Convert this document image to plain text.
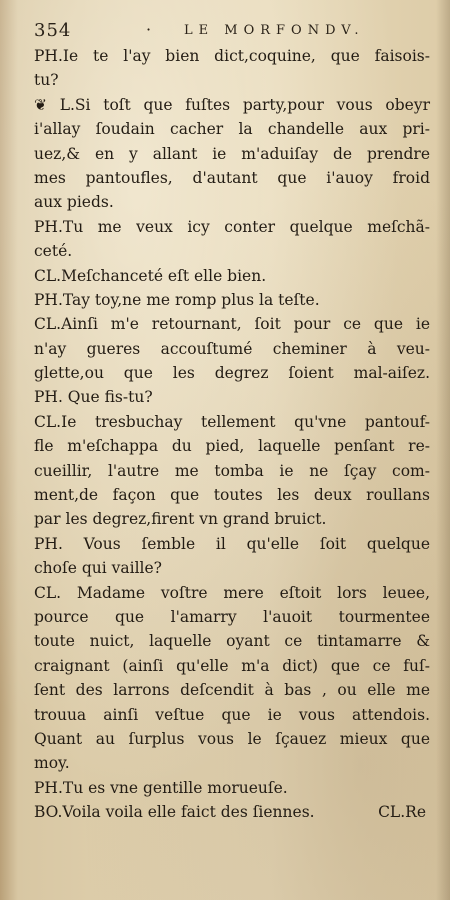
354	·	LE MORFONDV.
PH.Ie te l'ay bien dict,coquine, que faisois-
tu?
❦ L.Si toſt que fuſtes party,pour vous obeyr
i'allay ſoudain cacher la chandelle aux pri-
uez,& en y allant ie m'aduiſay de prendre
mes pantoufles, d'autant que i'auoy froid
aux pieds.
PH.Tu me veux icy conter quelque meſchã-
ceté.
CL.Meſchanceté eſt elle bien.
PH.Tay toy,ne me romp plus la teſte.
CL.Ainſi m'e retournant, ſoit pour ce que ie
n'ay gueres accouſtumé cheminer à veu-
glette,ou que les degrez ſoient mal-aiſez.
PH. Que fis-tu?
CL.Ie tresbuchay tellement qu'vne pantouf-
fle m'eſchappa du pied, laquelle penſant re-
cueillir, l'autre me tomba ie ne ſçay com-
ment,de façon que toutes les deux roullans
par les degrez,firent vn grand bruict.
PH. Vous ſemble il qu'elle ſoit quelque
choſe qui vaille?
CL. Madame voſtre mere eſtoit lors leuee,
pource que l'amarry l'auoit tourmentee
toute nuict, laquelle oyant ce tintamarre &
craignant (ainſi qu'elle m'a dict) que ce fuſ-
ſent des larrons deſcendit à bas , ou elle me
trouua ainſi veſtue que ie vous attendois.
Quant au ſurplus vous le ſçauez mieux que
moy.
PH.Tu es vne gentille morueuſe.
BO.Voila voila elle faict des ſiennes.	CL.Re
